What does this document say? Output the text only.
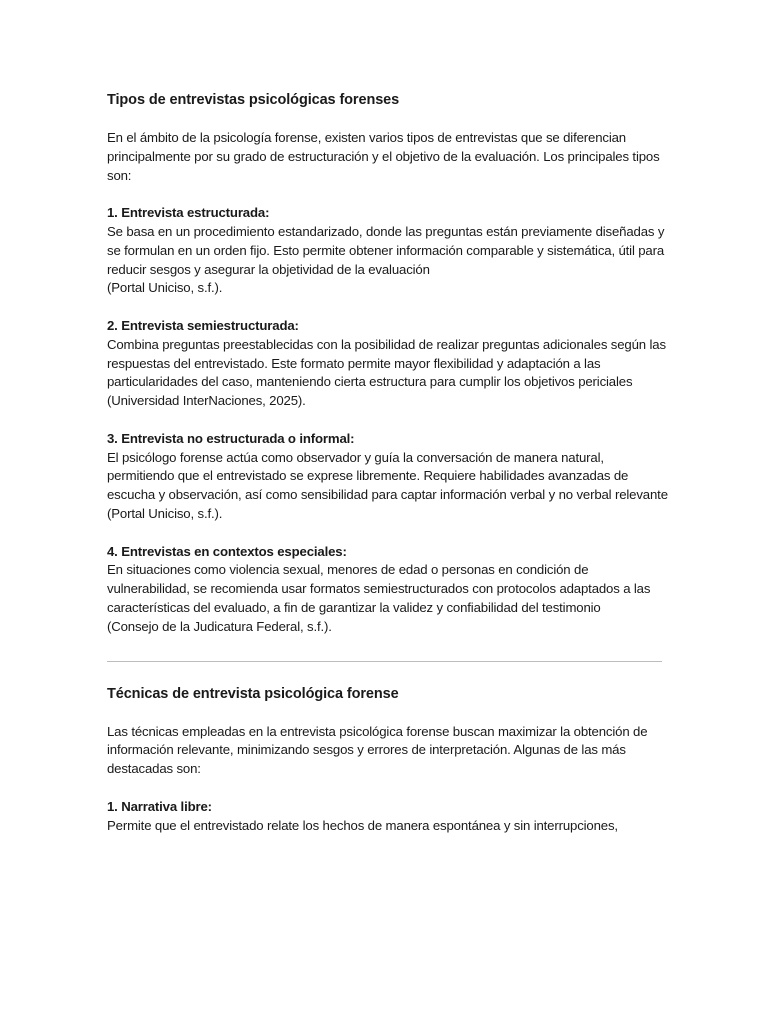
Tipos de entrevistas psicológicas forenses

En el ámbito de la psicología forense, existen varios tipos de entrevistas que se diferencian principalmente por su grado de estructuración y el objetivo de la evaluación. Los principales tipos son:

1. Entrevista estructurada:

Se basa en un procedimiento estandarizado, donde las preguntas están previamente diseñadas y se formulan en un orden fijo. Esto permite obtener información comparable y sistemática, útil para reducir sesgos y asegurar la objetividad de la evaluación

(Portal Uniciso, s.f.).

2. Entrevista semiestructurada:

Combina preguntas preestablecidas con la posibilidad de realizar preguntas adicionales según las respuestas del entrevistado. Este formato permite mayor flexibilidad y adaptación a las particularidades del caso, manteniendo cierta estructura para cumplir los objetivos periciales

(Universidad InterNaciones, 2025).

3. Entrevista no estructurada o informal:

El psicólogo forense actúa como observador y guía la conversación de manera natural, permitiendo que el entrevistado se exprese libremente. Requiere habilidades avanzadas de escucha y observación, así como sensibilidad para captar información verbal y no verbal relevante

(Portal Uniciso, s.f.).

4. Entrevistas en contextos especiales:

En situaciones como violencia sexual, menores de edad o personas en condición de vulnerabilidad, se recomienda usar formatos semiestructurados con protocolos adaptados a las características del evaluado, a fin de garantizar la validez y confiabilidad del testimonio

(Consejo de la Judicatura Federal, s.f.).

Técnicas de entrevista psicológica forense

Las técnicas empleadas en la entrevista psicológica forense buscan maximizar la obtención de información relevante, minimizando sesgos y errores de interpretación. Algunas de las más destacadas son:

1. Narrativa libre:

Permite que el entrevistado relate los hechos de manera espontánea y sin interrupciones,
